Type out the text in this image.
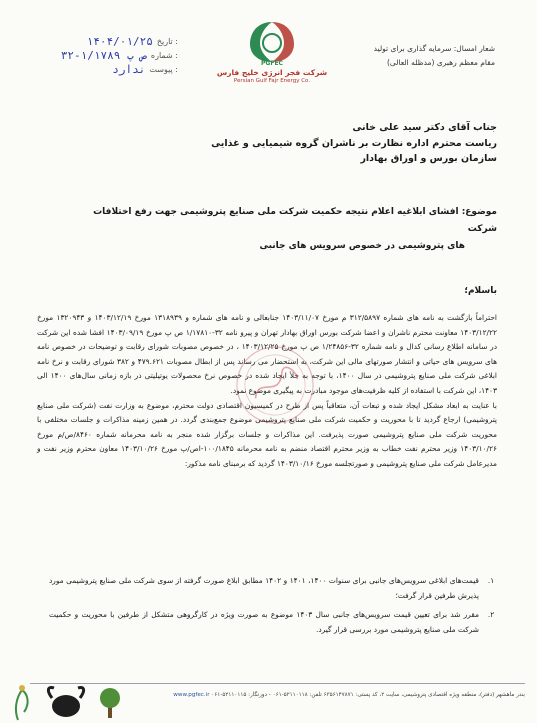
تاریخ :
۱۴۰۴/۰۱/۲۵
شماره :
۳۲-۱/۱۷۸۹ ص پ
پیوست :
ندارد	PGFEC
شرکت فجر انرژی خلیج فارس
Persian Gulf Fajr Energy Co.
شعار امسال: سرمایه گذاری برای تولید
مقام معظم رهبری (مدظله العالی)
جناب آقای دکتر سید علی خانی
ریاست محترم اداره نظارت بر ناشران گروه شیمیایی و غذایی
سازمان بورس و اوراق بهادار
موضوع: افشای ابلاغیه اعلام نتیجه حکمیت شرکت ملی صنایع پتروشیمی جهت رفع اختلافات شرکت
های پتروشیمی در خصوص سرویس های جانبی
باسلام؛

احتراماً بازگشت به نامه های شماره ۳۱۲/۵۸۹۷ م مورخ ۱۴۰۳/۱۱/۰۷ جنابعالی و نامه های شماره و ۱۳۱۸۹۳۹ مورخ ۱۴۰۳/۱۲/۱۹ و ۱۳۲۰۹۴۳ مورخ ۱۴۰۳/۱۲/۲۲ معاونت محترم ناشران و اعضا شرکت بورس اوراق بهادار تهران و پیرو نامه ۳۲-۱/۱۷۸۱۰ ص پ مورخ ۱۴۰۳/۰۹/۱۹ افشا شده این شرکت در سامانه اطلاع رسانی کدال و نامه شماره ۳۲-۱/۲۴۸۵۶ ص پ مورخ ۱۴۰۳/۱۲/۲۵ ، در خصوص مصوبات شورای رقابت و توضیحات در خصوص نامه های سرویس های حیاتی و انتشار صورتهای مالی این شرکت، به استحضار می رساند پس از ابطال مصوبات ۴۷۹.۶۲۱ و ۳۸۲ شورای رقابت و نرخ نامه ابلاغی شرکت ملی صنایع پتروشیمی در سال ۱۴۰۰، با توجه به خلأ ایجاد شده در خصوص نرخ محصولات یوتیلیتی در بازه زمانی سال‌های ۱۴۰۰ الی ۱۴۰۳، این شرکت با استفاده از کلیه ظرفیت‌های موجود مبادرت به پیگیری موضوع نمود.

با عنایت به ابعاد مشکل ایجاد شده و تبعات آن، متعاقباً پس از طرح در کمیسیون اقتصادی دولت محترم، موضوع به وزارت نفت (شرکت ملی صنایع پتروشیمی) ارجاع گردید تا با محوریت و حکمیت شرکت ملی صنایع پتروشیمی موضوع جمع‌بندی گردد. در همین زمینه مذاکرات و جلسات مختلفی با محوریت شرکت ملی صنایع پتروشیمی صورت پذیرفت. این مذاکرات و جلسات برگزار شده منجر به نامه محرمانه شماره ۸۴۶۰/ص/م مورخ ۱۴۰۳/۱۰/۲۶ وزیر محترم نفت خطاب به وزیر محترم اقتصاد منضم به نامه محرمانه ۱۰۰/۱۸۴۵-اص/پ مورخ ۱۴۰۳/۱۰/۲۶ معاون محترم وزیر نفت و مدیرعامل شرکت ملی صنایع پتروشیمی و صورتجلسه مورخ ۱۴۰۳/۱۰/۱۶ گردید که برمبنای نامه مذکور:

۱.
قیمت‌های ابلاغی سرویس‌های جانبی برای سنوات ۱۴۰۰، ۱۴۰۱ و ۱۴۰۲ مطابق ابلاغ صورت گرفته از سوی شرکت ملی صنایع پتروشیمی مورد پذیرش طرفین قرار گرفت؛
۲.
مقرر شد برای تعیین قیمت سرویس‌های جانبی سال ۱۴۰۳ موضوع به صورت ویژه در کارگروهی متشکل از طرفین با محوریت و حکمیت شرکت ملی صنایع پتروشیمی مورد بررسی قرار گیرد.
بندر ماهشهر (دفتر)، منطقه ویژه اقتصادی پتروشیمی، سایت ۲، کد پستی: ۶۳۵۶۱۴۷۸۷۱ تلفن: ۵۲۱۱۰۱۱۸-۰۶۱ - دورنگار: ۵۲۱۱۰۱۱۵-۰۶۱ www.pgfec.ir
